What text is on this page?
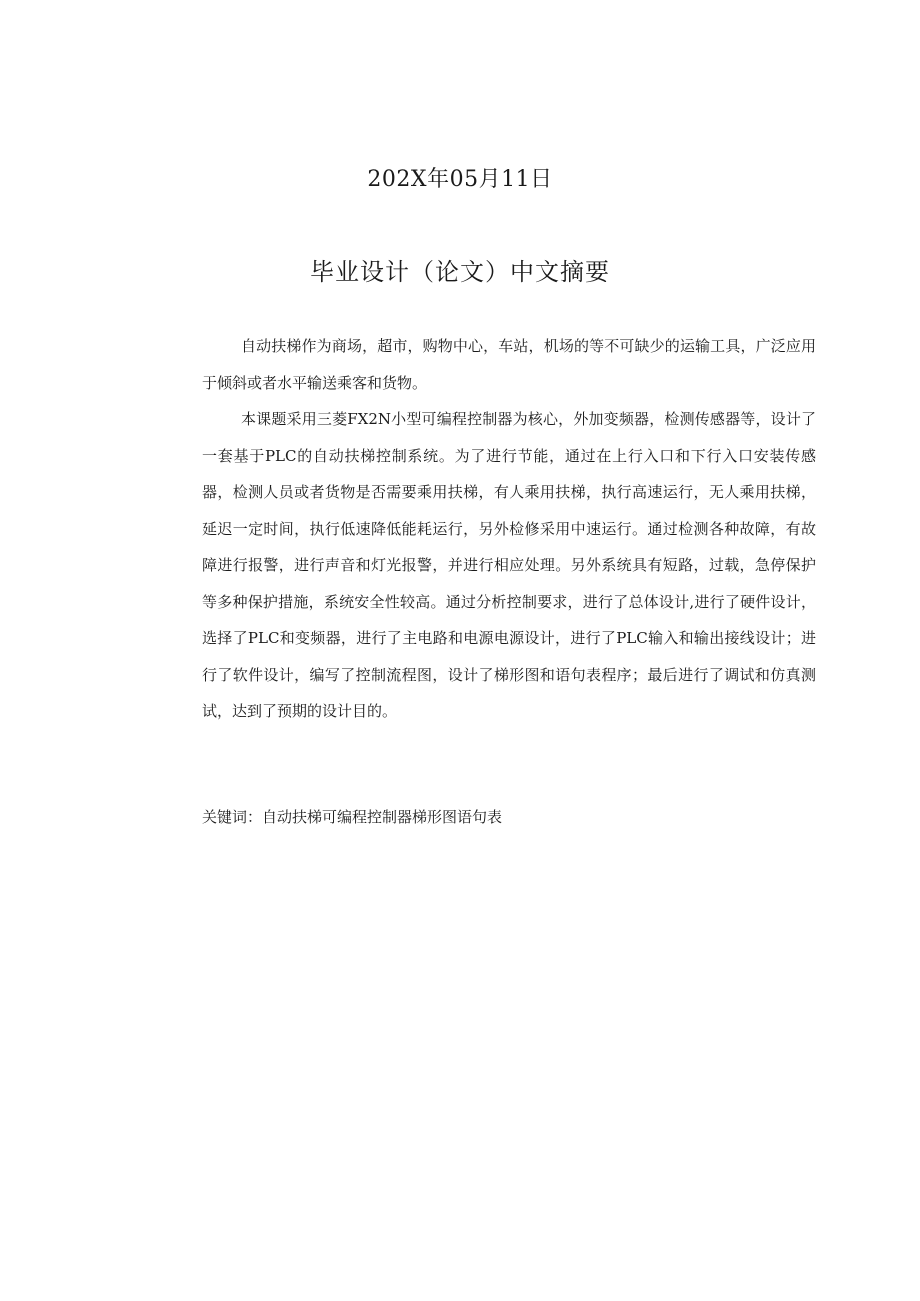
202X年05月11日
毕业设计（论文）中文摘要

自动扶梯作为商场，超市，购物中心，车站，机场的等不可缺少的运输工具，广泛应用于倾斜或者水平输送乘客和货物。

本课题采用三菱FX2N小型可编程控制器为核心，外加变频器，检测传感器等，设计了一套基于PLC的自动扶梯控制系统。为了进行节能，通过在上行入口和下行入口安装传感器，检测人员或者货物是否需要乘用扶梯，有人乘用扶梯，执行高速运行，无人乘用扶梯，延迟一定时间，执行低速降低能耗运行，另外检修采用中速运行。通过检测各种故障，有故障进行报警，进行声音和灯光报警，并进行相应处理。另外系统具有短路，过载，急停保护等多种保护措施，系统安全性较高。通过分析控制要求，进行了总体设计,进行了硬件设计，选择了PLC和变频器，进行了主电路和电源电源设计，进行了PLC输入和输出接线设计；进行了软件设计，编写了控制流程图，设计了梯形图和语句表程序；最后进行了调试和仿真测试，达到了预期的设计目的。

关键词：自动扶梯可编程控制器梯形图语句表
